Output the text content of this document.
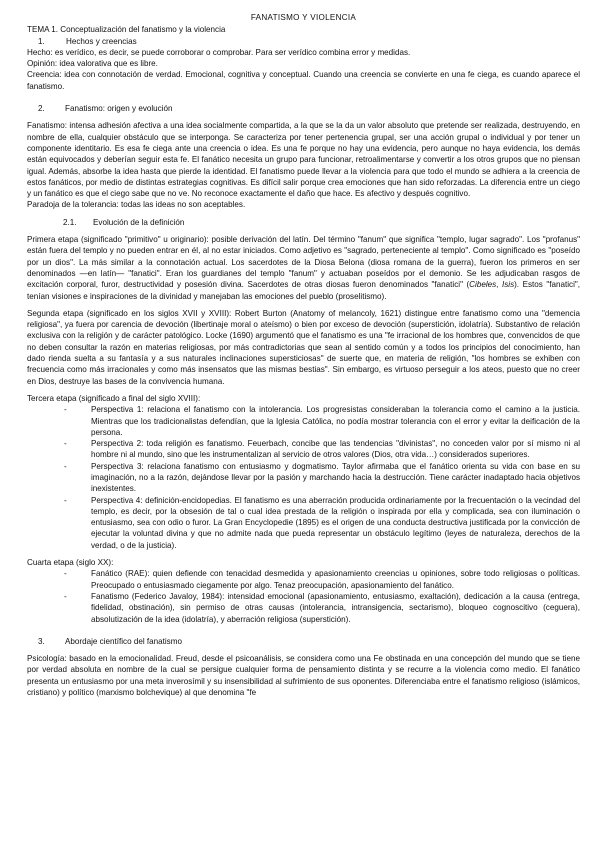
FANATISMO Y VIOLENCIA

TEMA 1. Conceptualización del fanatismo y la violencia

1.	Hechos y creencias

Hecho: es verídico, es decir, se puede corroborar o comprobar. Para ser verídico combina error y medidas.

Opinión: idea valorativa que es libre.

Creencia: idea con connotación de verdad. Emocional, cognitiva y conceptual. Cuando una creencia se convierte en una fe ciega, es cuando aparece el fanatismo.

2. Fanatismo: origen y evolución

Fanatismo: intensa adhesión afectiva a una idea socialmente compartida, a la que se la da un valor absoluto que pretende ser realizada, destruyendo, en nombre de ella, cualquier obstáculo que se interponga. Se caracteriza por tener pertenencia grupal, ser una acción grupal o individual y por tener un componente identitario. Es esa fe ciega ante una creencia o idea. Es una fe porque no hay una evidencia, pero aunque no haya evidencia, los demás están equivocados y deberían seguir esta fe. El fanático necesita un grupo para funcionar, retroalimentarse y convertir a los otros grupos que no piensan igual. Además, absorbe la idea hasta que pierde la identidad. El fanatismo puede llevar a la violencia para que todo el mundo se adhiera a la creencia de estos fanáticos, por medio de distintas estrategias cognitivas. Es difícil salir porque crea emociones que han sido reforzadas. La diferencia entre un ciego y un fanático es que el ciego sabe que no ve. No reconoce exactamente el daño que hace. Es afectivo y después cognitivo.

Paradoja de la tolerancia: todas las ideas no son aceptables.

2.1. Evolución de la definición

Primera etapa (significado "primitivo" u originario): posible derivación del latín. Del término "fanum" que significa "templo, lugar sagrado". Los "profanus" están fuera del templo y no pueden entrar en él, al no estar iniciados. Como adjetivo es "sagrado, perteneciente al templo". Como significado es "poseído por un dios". La más similar a la connotación actual. Los sacerdotes de la Diosa Belona (diosa romana de la guerra), fueron los primeros en ser denominados —en latín— "fanatici". Eran los guardianes del templo "fanum" y actuaban poseídos por el demonio. Se les adjudicaban rasgos de excitación corporal, furor, destructividad y posesión divina. Sacerdotes de otras diosas fueron denominados "fanatici" (Cibeles, Isis). Estos "fanatici", tenían visiones e inspiraciones de la divinidad y manejaban las emociones del pueblo (proselitismo).

Segunda etapa (significado en los siglos XVII y XVIII): Robert Burton (Anatomy of melancoly, 1621) distingue entre fanatismo como una "demencia religiosa", ya fuera por carencia de devoción (libertinaje moral o ateísmo) o bien por exceso de devoción (superstición, idolatría). Substantivo de relación exclusiva con la religión y de carácter patológico. Locke (1690) argumentó que el fanatismo es una "fe irracional de los hombres que, convencidos de que no deben consultar la razón en materias religiosas, por más contradictorias que sean al sentido común y a todos los principios del conocimiento, han dado rienda suelta a su fantasía y a sus naturales inclinaciones supersticiosas" de suerte que, en materia de religión, "los hombres se exhiben con frecuencia como más irracionales y como más insensatos que las mismas bestias". Sin embargo, es virtuoso perseguir a los ateos, puesto que no creer en Dios, destruye las bases de la convivencia humana.

Tercera etapa (significado a final del siglo XVIII):

-	Perspectiva 1: relaciona el fanatismo con la intolerancia. Los progresistas consideraban la tolerancia como el camino a la justicia. Mientras que los tradicionalistas defendían, que la Iglesia Católica, no podía mostrar tolerancia con el error y evitar la deificación de la persona.
-	Perspectiva 2: toda religión es fanatismo. Feuerbach, concibe que las tendencias "divinistas", no conceden valor por sí mismo ni al hombre ni al mundo, sino que les instrumentalizan al servicio de otros valores (Dios, otra vida…) considerados superiores.
-	Perspectiva 3: relaciona fanatismo con entusiasmo y dogmatismo. Taylor afirmaba que el fanático orienta su vida con base en su imaginación, no a la razón, dejándose llevar por la pasión y marchando hacia la destrucción. Tiene carácter inadaptado hacia objetivos inexistentes.
-	Perspectiva 4: definición-encidopedias. El fanatismo es una aberración producida ordinariamente por la frecuentación o la vecindad del templo, es decir, por la obsesión de tal o cual idea prestada de la religión o inspirada por ella y complicada, sea con iluminación o entusiasmo, sea con odio o furor. La Gran Encyclopedie (1895) es el origen de una conducta destructiva justificada por la convicción de ejecutar la voluntad divina y que no admite nada que pueda representar un obstáculo legítimo (leyes de naturaleza, derechos de la verdad, o de la justicia).

Cuarta etapa (siglo XX):

-	Fanático (RAE): quien defiende con tenacidad desmedida y apasionamiento creencias u opiniones, sobre todo religiosas o políticas. Preocupado o entusiasmado ciegamente por algo. Tenaz preocupación, apasionamiento del fanático.
-	Fanatismo (Federico Javaloy, 1984): intensidad emocional (apasionamiento, entusiasmo, exaltación), dedicación a la causa (entrega, fidelidad, obstinación), sin permiso de otras causas (intolerancia, intransigencia, sectarismo), bloqueo cognoscitivo (ceguera), absolutización de la idea (idolatría), y aberración religiosa (superstición).

3. Abordaje científico del fanatismo

Psicología: basado en la emocionalidad. Freud, desde el psicoanálisis, se considera como una Fe obstinada en una concepción del mundo que se tiene por verdad absoluta en nombre de la cual se persigue cualquier forma de pensamiento distinta y se recurre a la violencia como medio. El fanático presenta un entusiasmo por una meta inverosímil y su insensibilidad al sufrimiento de sus oponentes. Diferenciaba entre el fanatismo religioso (islámicos, cristiano) y político (marxismo bolchevique) al que denomina "fe
